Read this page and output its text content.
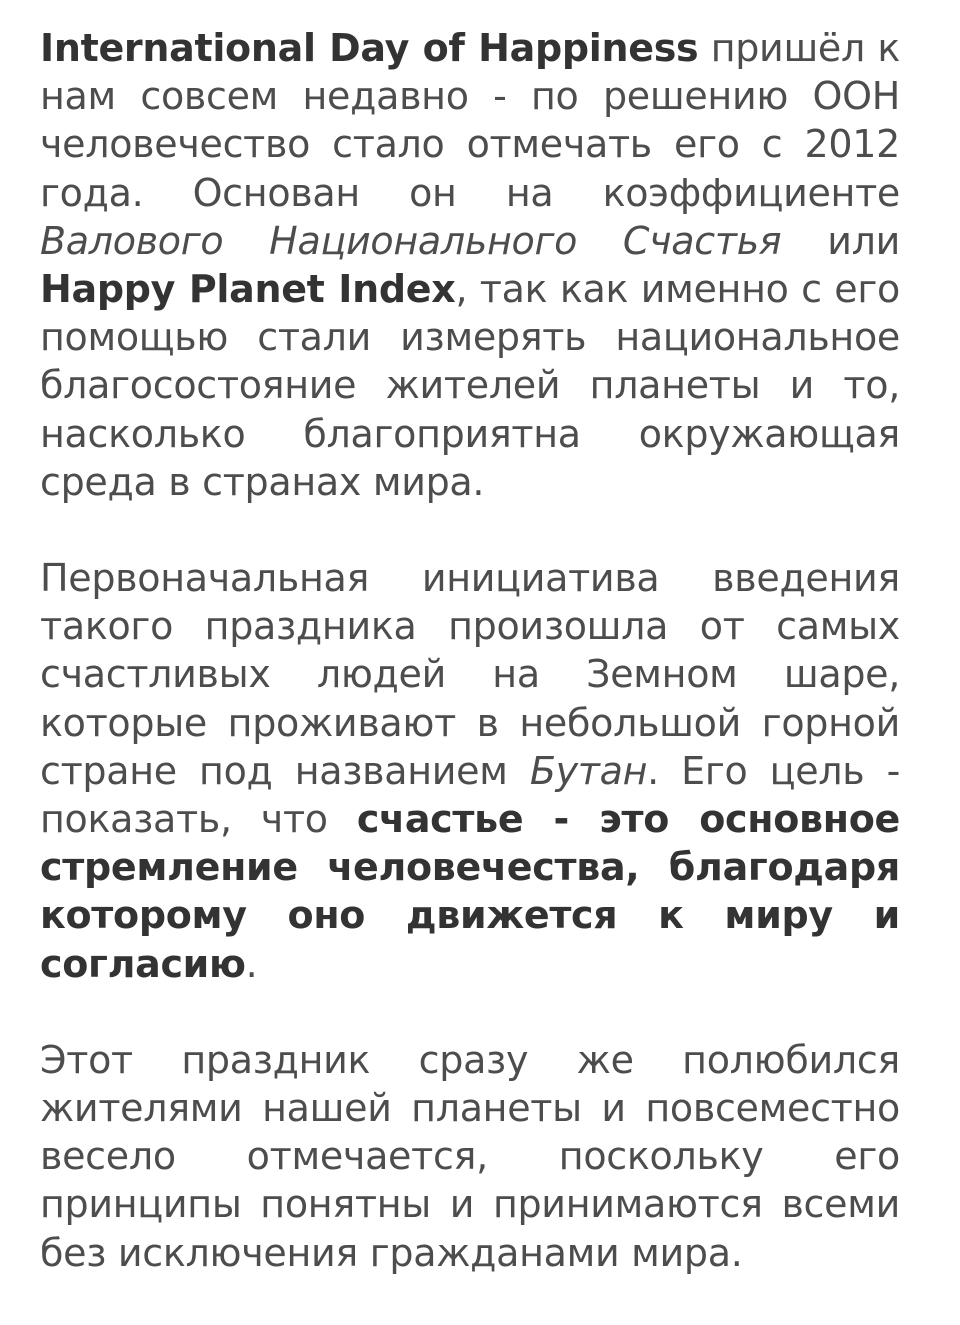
International Day of Happiness пришёл к нам совсем недавно - по решению ООН человечество стало отмечать его с 2012 года. Основан он на коэффициенте Валового Национального Счастья или Happy Planet Index, так как именно с его помощью стали измерять национальное благосостояние жителей планеты и то, насколько благоприятна окружающая среда в странах мира.

Первоначальная инициатива введения такого праздника произошла от самых счастливых людей на Земном шаре, которые проживают в небольшой горной стране под названием Бутан. Его цель - показать, что счастье - это основное стремление человечества, благодаря которому оно движется к миру и согласию.

Этот праздник сразу же полюбился жителями нашей планеты и повсеместно весело отмечается, поскольку его принципы понятны и принимаются всеми без исключения гражданами мира.
